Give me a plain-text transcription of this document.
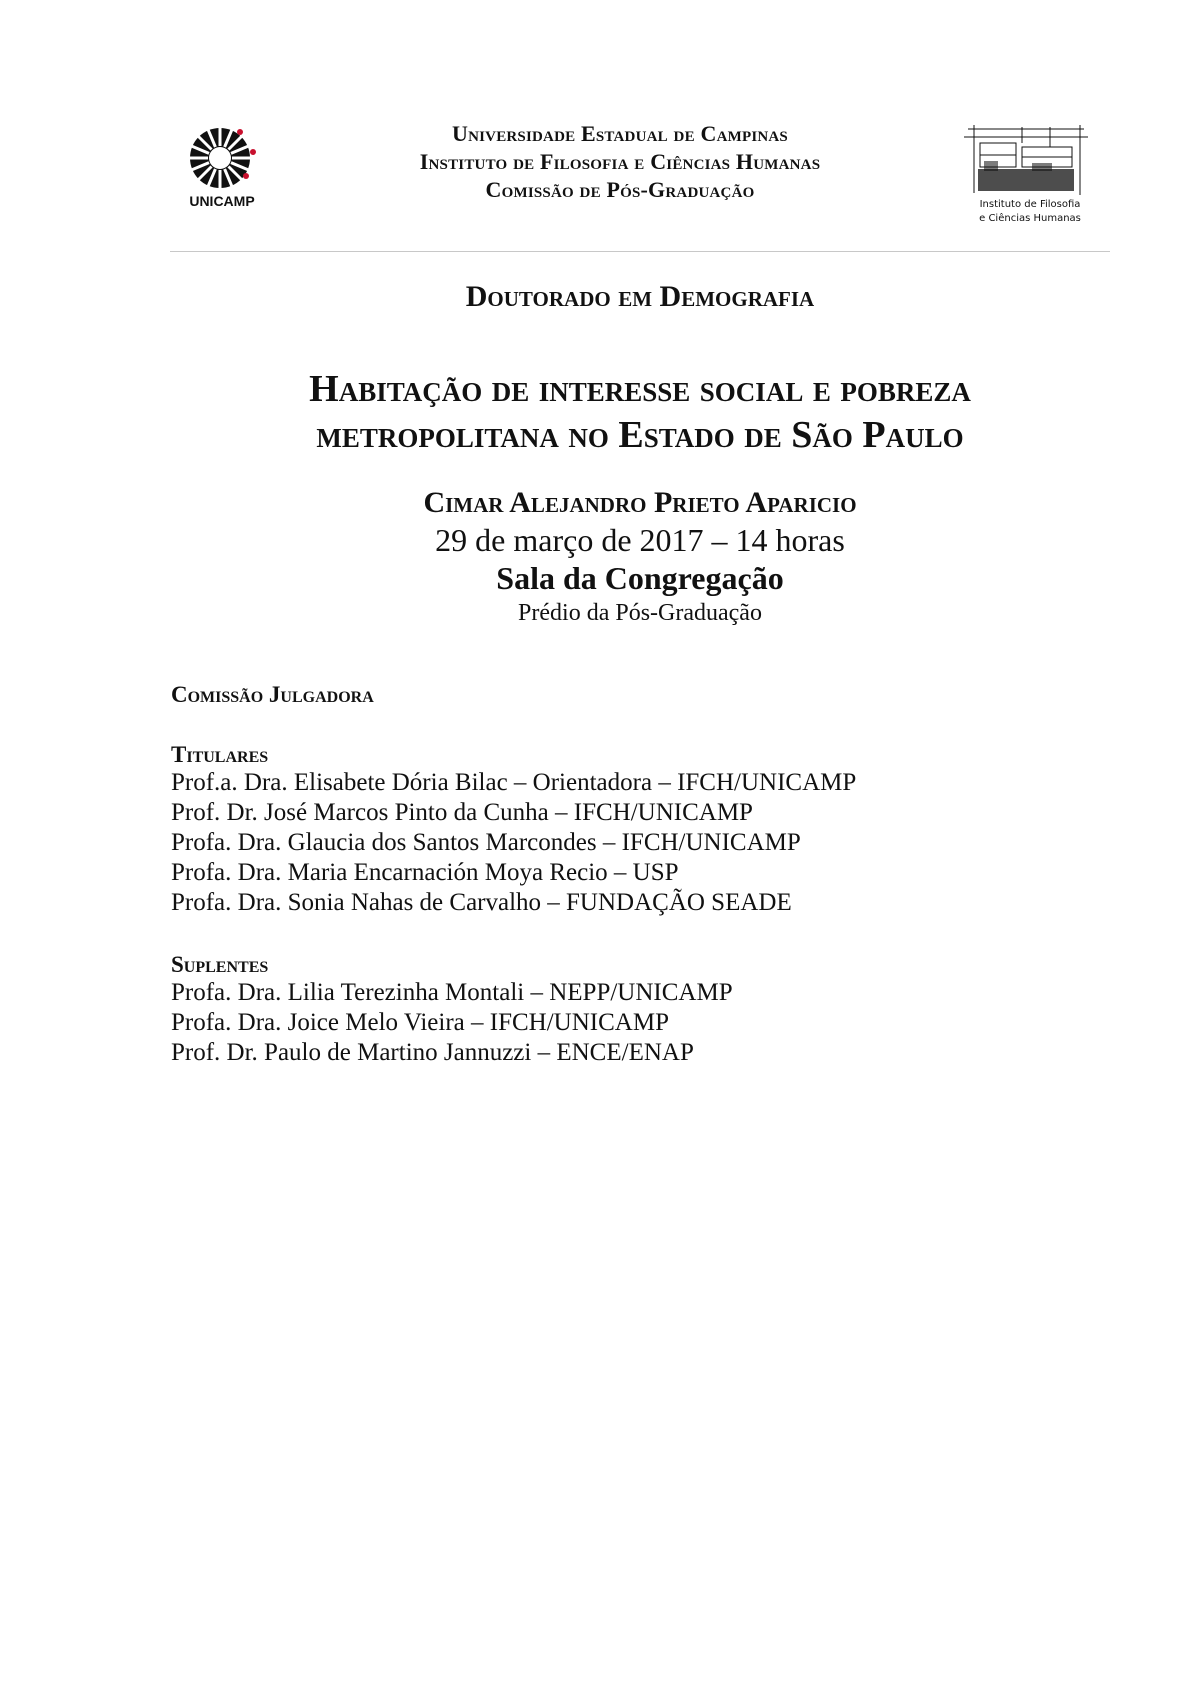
UNICAMP
Universidade Estadual de Campinas
Instituto de Filosofia e Ciências Humanas
Comissão de Pós-Graduação
Instituto de Filosofia
e Ciências Humanas
Doutorado em Demografia
Habitação de interesse social e pobreza metropolitana no Estado de São Paulo
Cimar Alejandro Prieto Aparicio
29 de março de 2017 – 14 horas
Sala da Congregação
Prédio da Pós-Graduação
Comissão Julgadora
Titulares
Prof.a. Dra. Elisabete Dória Bilac – Orientadora – IFCH/UNICAMP
Prof. Dr. José Marcos Pinto da Cunha – IFCH/UNICAMP
Profa. Dra. Glaucia dos Santos Marcondes – IFCH/UNICAMP
Profa. Dra. Maria Encarnación Moya Recio – USP
Profa. Dra. Sonia Nahas de Carvalho – FUNDAÇÃO SEADE
Suplentes
Profa. Dra. Lilia Terezinha Montali – NEPP/UNICAMP
Profa. Dra. Joice Melo Vieira – IFCH/UNICAMP
Prof. Dr. Paulo de Martino Jannuzzi – ENCE/ENAP
